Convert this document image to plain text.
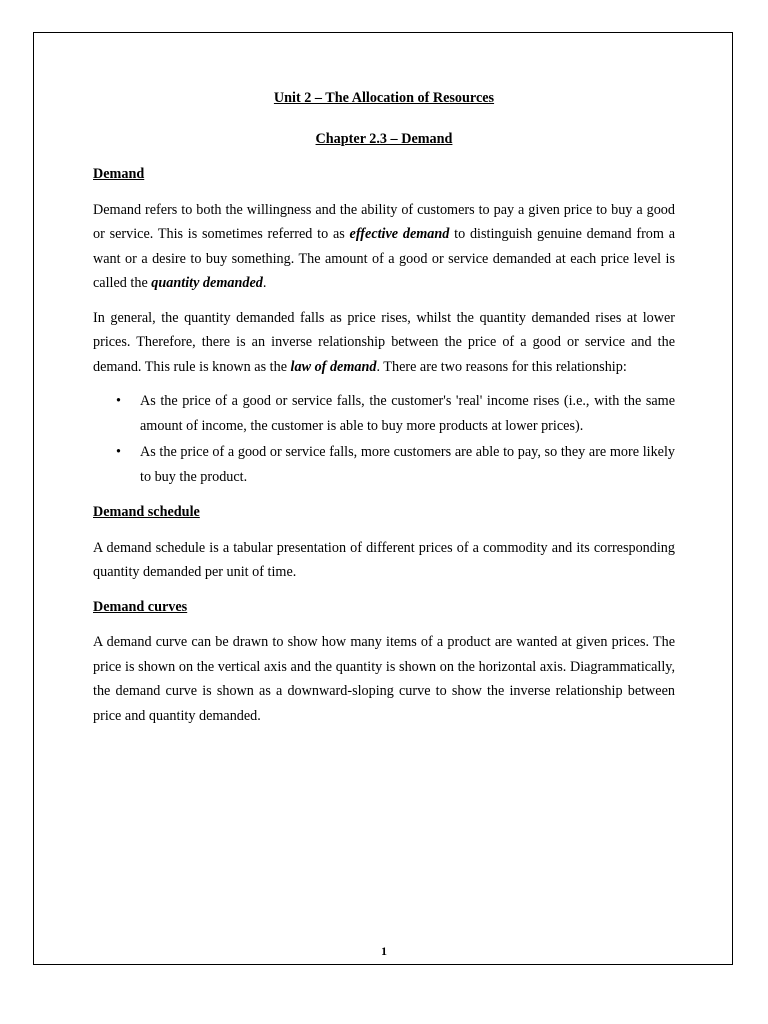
Unit 2 – The Allocation of Resources

Chapter 2.3 – Demand

Demand

Demand refers to both the willingness and the ability of customers to pay a given price to buy a good or service. This is sometimes referred to as effective demand to distinguish genuine demand from a want or a desire to buy something. The amount of a good or service demanded at each price level is called the quantity demanded.

In general, the quantity demanded falls as price rises, whilst the quantity demanded rises at lower prices. Therefore, there is an inverse relationship between the price of a good or service and the demand. This rule is known as the law of demand. There are two reasons for this relationship:

• As the price of a good or service falls, the customer's 'real' income rises (i.e., with the same amount of income, the customer is able to buy more products at lower prices).
• As the price of a good or service falls, more customers are able to pay, so they are more likely to buy the product.

Demand schedule

A demand schedule is a tabular presentation of different prices of a commodity and its corresponding quantity demanded per unit of time.

Demand curves

A demand curve can be drawn to show how many items of a product are wanted at given prices. The price is shown on the vertical axis and the quantity is shown on the horizontal axis. Diagrammatically, the demand curve is shown as a downward-sloping curve to show the inverse relationship between price and quantity demanded.

1
